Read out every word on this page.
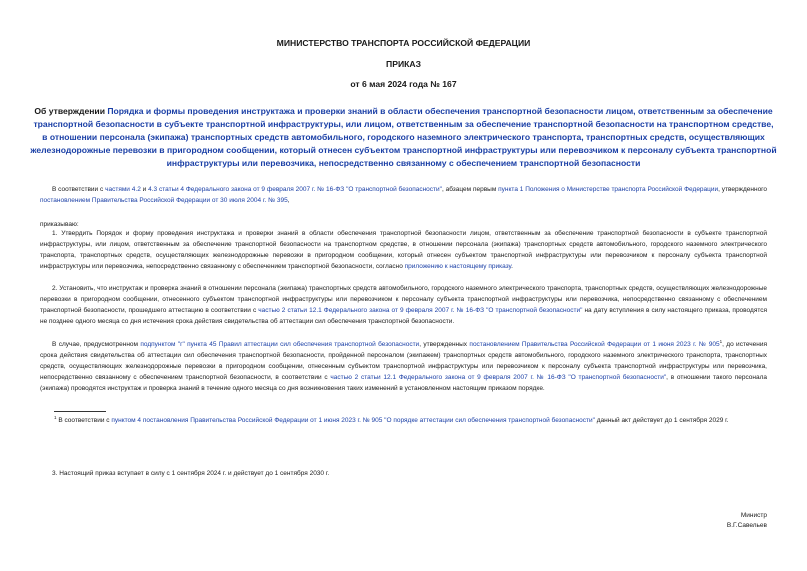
МИНИСТЕРСТВО ТРАНСПОРТА РОССИЙСКОЙ ФЕДЕРАЦИИ

ПРИКАЗ

от 6 мая 2024 года № 167

Об утверждении Порядка и формы проведения инструктажа и проверки знаний в области обеспечения транспортной безопасности лицом, ответственным за обеспечение транспортной безопасности в субъекте транспортной инфраструктуры, или лицом, ответственным за обеспечение транспортной безопасности на транспортном средстве, в отношении персонала (экипажа) транспортных средств автомобильного, городского наземного электрического транспорта, транспортных средств, осуществляющих железнодорожные перевозки в пригородном сообщении, который отнесен субъектом транспортной инфраструктуры или перевозчиком к персоналу субъекта транспортной инфраструктуры или перевозчика, непосредственно связанному с обеспечением транспортной безопасности

В соответствии с частями 4.2 и 4.3 статьи 4 Федерального закона от 9 февраля 2007 г. № 16-ФЗ "О транспортной безопасности", абзацем первым пункта 1 Положения о Министерстве транспорта Российской Федерации, утвержденного постановлением Правительства Российской Федерации от 30 июля 2004 г. № 395,

приказываю:

1. Утвердить Порядок и форму проведения инструктажа и проверки знаний в области обеспечения транспортной безопасности лицом, ответственным за обеспечение транспортной безопасности в субъекте транспортной инфраструктуры, или лицом, ответственным за обеспечение транспортной безопасности на транспортном средстве, в отношении персонала (экипажа) транспортных средств автомобильного, городского наземного электрического транспорта, транспортных средств, осуществляющих железнодорожные перевозки в пригородном сообщении, который отнесен субъектом транспортной инфраструктуры или перевозчиком к персоналу субъекта транспортной инфраструктуры или перевозчика, непосредственно связанному с обеспечением транспортной безопасности, согласно приложению к настоящему приказу.

2. Установить, что инструктаж и проверка знаний в отношении персонала (экипажа) транспортных средств автомобильного, городского наземного электрического транспорта, транспортных средств, осуществляющих железнодорожные перевозки в пригородном сообщении, отнесенного субъектом транспортной инфраструктуры или перевозчиком к персоналу субъекта транспортной инфраструктуры или перевозчика, непосредственно связанному с обеспечением транспортной безопасности, прошедшего аттестацию в соответствии с частью 2 статьи 12.1 Федерального закона от 9 февраля 2007 г. № 16-ФЗ "О транспортной безопасности" на дату вступления в силу настоящего приказа, проводятся не позднее одного месяца со дня истечения срока действия свидетельства об аттестации сил обеспечения транспортной безопасности.

В случае, предусмотренном подпунктом "г" пункта 45 Правил аттестации сил обеспечения транспортной безопасности, утвержденных постановлением Правительства Российской Федерации от 1 июня 2023 г. № $905^1$, до истечения срока действия свидетельства об аттестации сил обеспечения транспортной безопасности, пройденной персоналом (экипажем) транспортных средств автомобильного, городского наземного электрического транспорта, транспортных средств, осуществляющих железнодорожные перевозки в пригородном сообщении, отнесенным субъектом транспортной инфраструктуры или перевозчиком к персоналу субъекта транспортной инфраструктуры или перевозчика, непосредственно связанному с обеспечением транспортной безопасности, в соответствии с частью 2 статьи 12.1 Федерального закона от 9 февраля 2007 г. № 16-ФЗ "О транспортной безопасности", в отношении такого персонала (экипажа) проводятся инструктаж и проверка знаний в течение одного месяца со дня возникновения таких изменений в установленном настоящим приказом порядке.

$^1$ В соответствии с пунктом 4 постановления Правительства Российской Федерации от 1 июня 2023 г. № 905 "О порядке аттестации сил обеспечения транспортной безопасности" данный акт действует до 1 сентября 2029 г.

3. Настоящий приказ вступает в силу с 1 сентября 2024 г. и действует до 1 сентября 2030 г.

Министр

В.Г.Савельев
